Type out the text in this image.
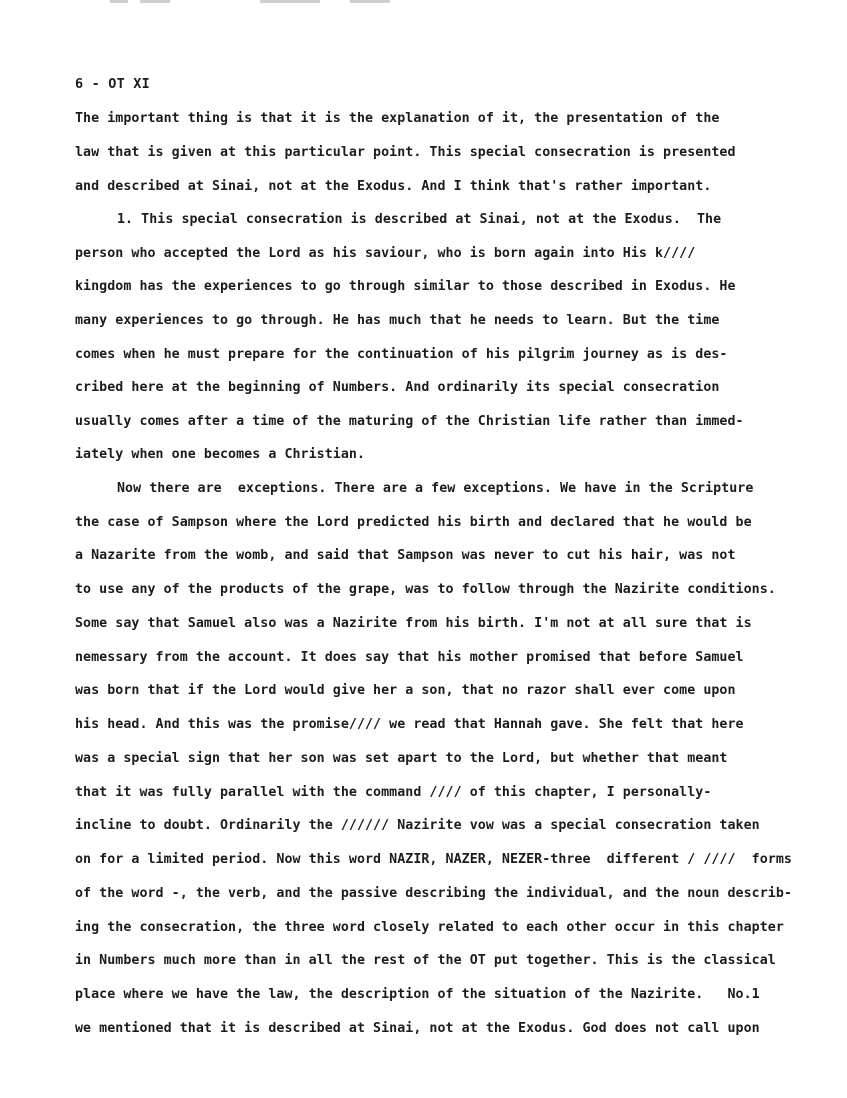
6 - OT XI
The important thing is that it is the explanation of it, the presentation of the
law that is given at this particular point. This special consecration is presented
and described at Sinai, not at the Exodus. And I think that's rather important.
1. This special consecration is described at Sinai, not at the Exodus.  The
person who accepted the Lord as his saviour, who is born again into His k////
kingdom has the experiences to go through similar to those described in Exodus. He
many experiences to go through. He has much that he needs to learn. But the time
comes when he must prepare for the continuation of his pilgrim journey as is des-
cribed here at the beginning of Numbers. And ordinarily its special consecration
usually comes after a time of the maturing of the Christian life rather than immed-
iately when one becomes a Christian.
Now there are  exceptions. There are a few exceptions. We have in the Scripture
the case of Sampson where the Lord predicted his birth and declared that he would be
a Nazarite from the womb, and said that Sampson was never to cut his hair, was not
to use any of the products of the grape, was to follow through the Nazirite conditions.
Some say that Samuel also was a Nazirite from his birth. I'm not at all sure that is
nemessary from the account. It does say that his mother promised that before Samuel
was born that if the Lord would give her a son, that no razor shall ever come upon
his head. And this was the promise//// we read that Hannah gave. She felt that here
was a special sign that her son was set apart to the Lord, but whether that meant
that it was fully parallel with the command //// of this chapter, I personally-
incline to doubt. Ordinarily the ////// Nazirite vow was a special consecration taken
on for a limited period. Now this word NAZIR, NAZER, NEZER-three  different / ////  forms
of the word -, the verb, and the passive describing the individual, and the noun describ-
ing the consecration, the three word closely related to each other occur in this chapter
in Numbers much more than in all the rest of the OT put together. This is the classical
place where we have the law, the description of the situation of the Nazirite.   No.1
we mentioned that it is described at Sinai, not at the Exodus. God does not call upon
